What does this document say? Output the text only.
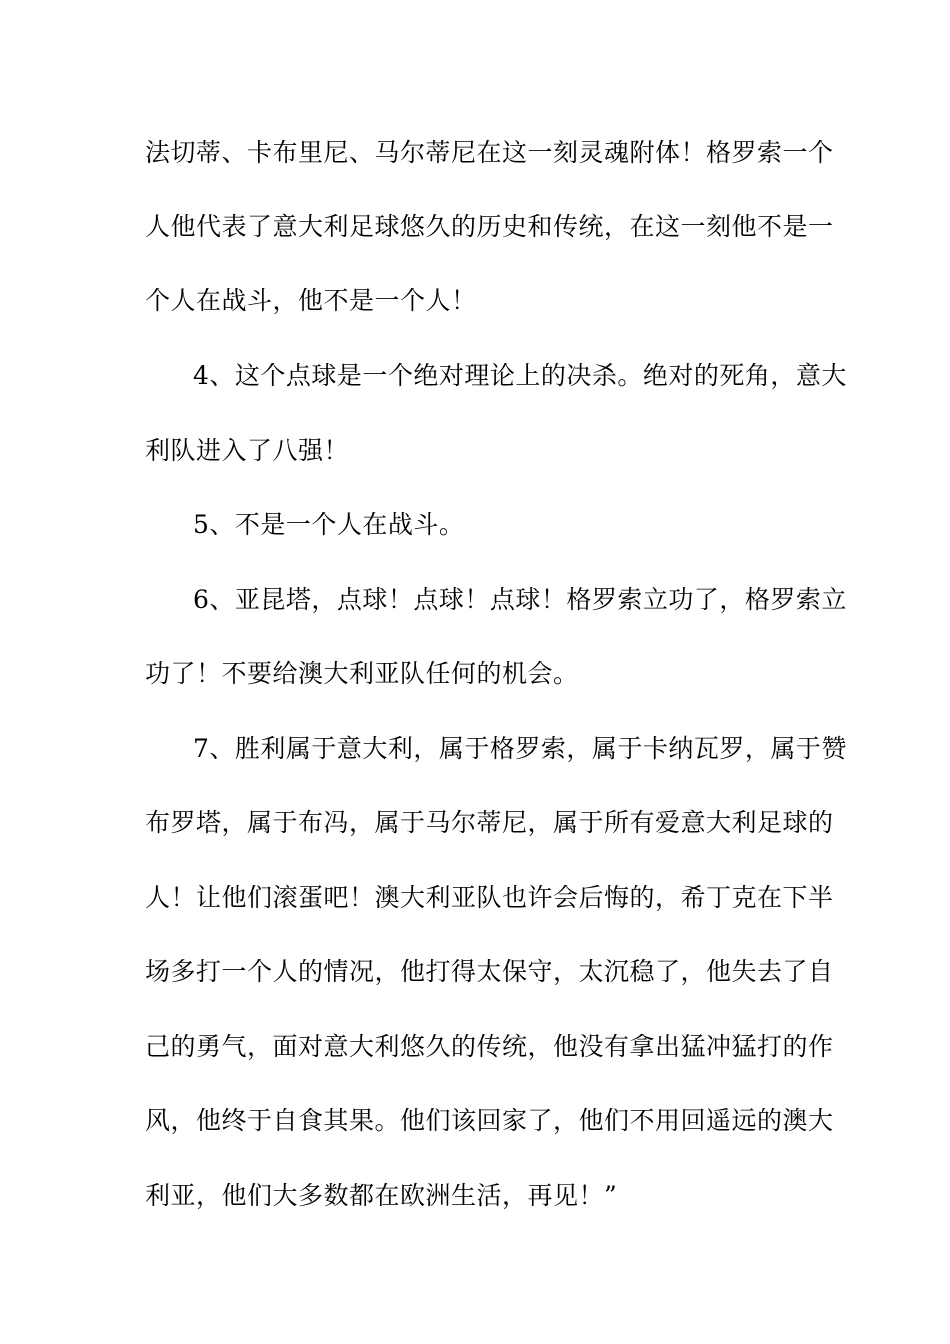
法切蒂、卡布里尼、马尔蒂尼在这一刻灵魂附体！格罗索一个
人他代表了意大利足球悠久的历史和传统，在这一刻他不是一
个人在战斗，他不是一个人！
4、这个点球是一个绝对理论上的决杀。绝对的死角，意大
利队进入了八强！
5、不是一个人在战斗。
6、亚昆塔，点球！点球！点球！格罗索立功了，格罗索立
功了！不要给澳大利亚队任何的机会。
7、胜利属于意大利，属于格罗索，属于卡纳瓦罗，属于赞
布罗塔，属于布冯，属于马尔蒂尼，属于所有爱意大利足球的
人！让他们滚蛋吧！澳大利亚队也许会后悔的，希丁克在下半
场多打一个人的情况，他打得太保守，太沉稳了，他失去了自
己的勇气，面对意大利悠久的传统，他没有拿出猛冲猛打的作
风，他终于自食其果。他们该回家了，他们不用回遥远的澳大
利亚，他们大多数都在欧洲生活，再见！”
